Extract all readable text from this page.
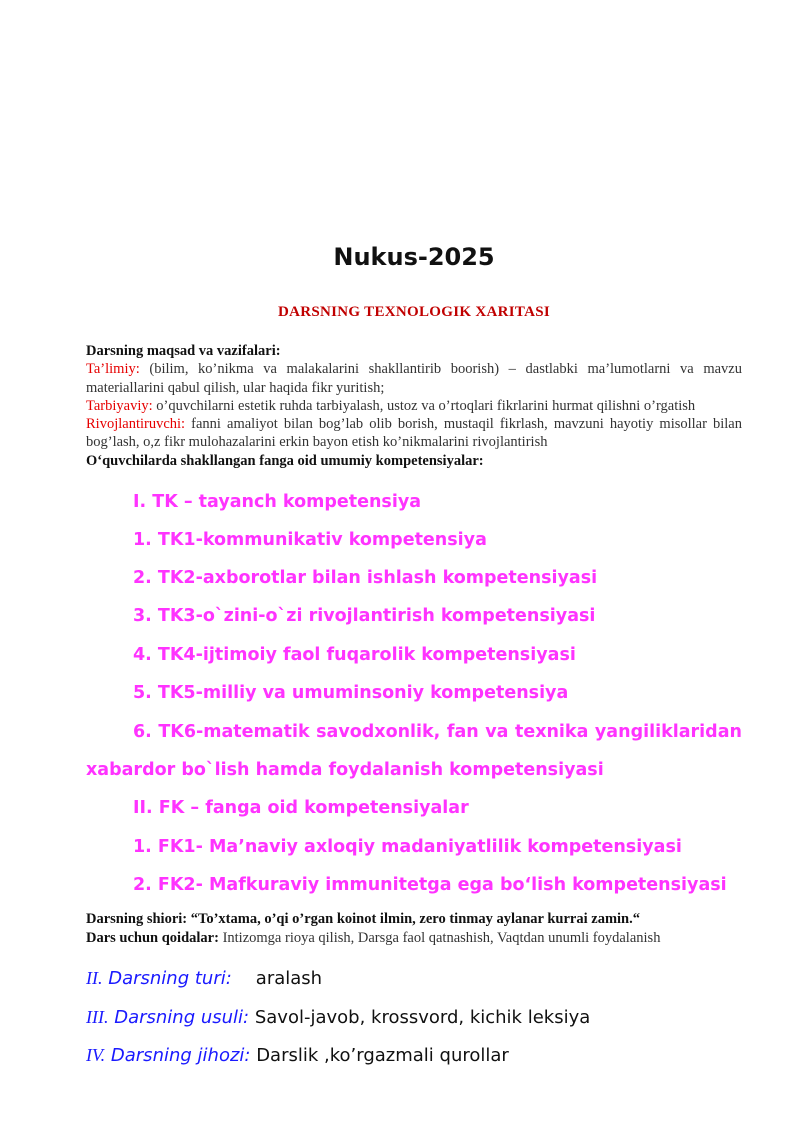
Nukus-2025
DARSNING TEXNOLOGIK XARITASI

Darsning maqsad va vazifalari:

Ta’limiy: (bilim, ko’nikma va malakalarini shakllantirib boorish) – dastlabki ma’lumotlarni va mavzu materiallarini qabul qilish, ular haqida fikr yuritish;

Tarbiyaviy: o’quvchilarni estetik ruhda tarbiyalash, ustoz va o’rtoqlari fikrlarini hurmat qilishni o’rgatish

Rivojlantiruvchi: fanni amaliyot bilan bog’lab olib borish, mustaqil fikrlash, mavzuni hayotiy misollar bilan bog’lash, o,z fikr mulohazalarini erkin bayon etish ko’nikmalarini rivojlantirish

O‘quvchilarda shakllangan fanga oid umumiy kompetensiyalar:

I. TK – tayanch kompetensiya
1. TK1-kommunikativ kompetensiya
2. TK2-axborotlar bilan ishlash kompetensiyasi
3. TK3-o`zini-o`zi rivojlantirish kompetensiyasi
4. TK4-ijtimoiy faol fuqarolik kompetensiyasi
5. TK5-milliy va umuminsoniy kompetensiya
6. TK6-matematik savodxonlik, fan va texnika yangiliklaridan
xabardor bo`lish hamda foydalanish kompetensiyasi
II. FK – fanga oid kompetensiyalar
1. FK1- Ma’naviy axloqiy madaniyatlilik kompetensiyasi
2. FK2- Mafkuraviy immunitetga ega bo‘lish kompetensiyasi
Darsning shiori: “To’xtama, o’qi o’rgan koinot ilmin, zero tinmay aylanar kurrai zamin.“
Dars uchun qoidalar: Intizomga rioya qilish, Darsga faol qatnashish, Vaqtdan unumli foydalanish
II. Darsning turi: aralash
III. Darsning usuli: Savol-javob, krossvord, kichik leksiya
IV. Darsning jihozi: Darslik ,ko’rgazmali qurollar
